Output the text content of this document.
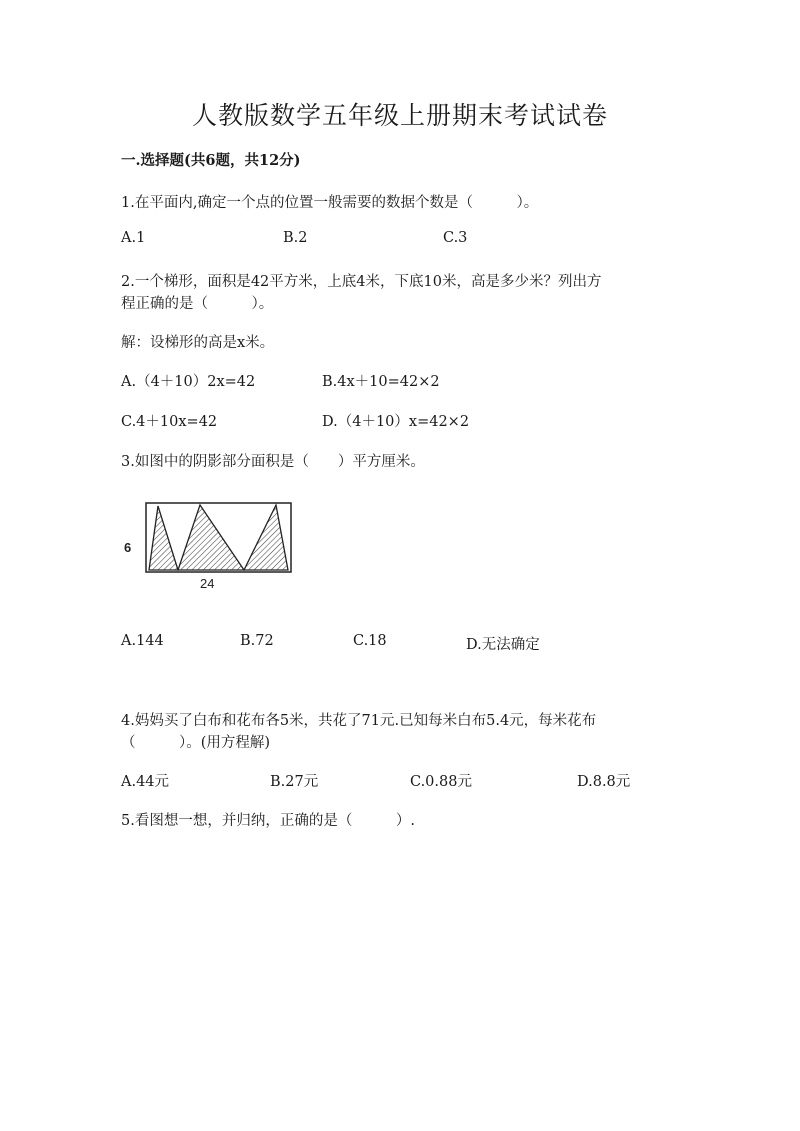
人教版数学五年级上册期末考试试卷
一.选择题(共6题，共12分)
1.在平面内,确定一个点的位置一般需要的数据个数是（　　　）。
A.1	B.2	C.3
2.一个梯形，面积是42平方米，上底4米，下底10米，高是多少米？列出方
程正确的是（　　　）。
解：设梯形的高是x米。
A.（4＋10）2x=42	B.4x＋10=42×2
C.4＋10x=42	D.（4＋10）x=42×2
3.如图中的阴影部分面积是（　　）平方厘米。
6
24
A.144	B.72	C.18	D.无法确定
4.妈妈买了白布和花布各5米，共花了71元.已知每米白布5.4元，每米花布
（　　　）。(用方程解)
A.44元	B.27元	C.0.88元	D.8.8元
5.看图想一想，并归纳，正确的是（　　　）.
